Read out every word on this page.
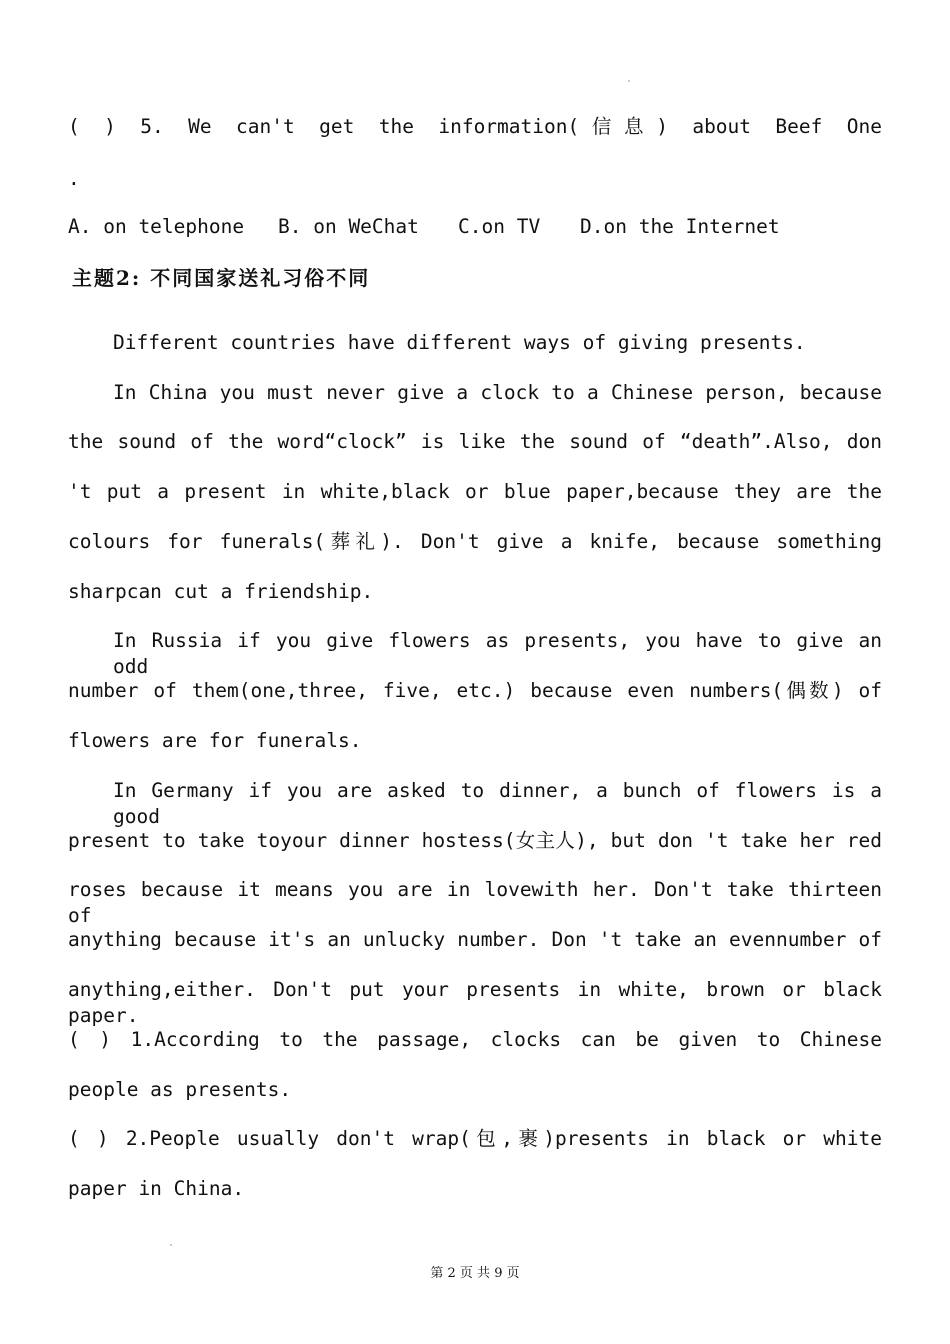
( ) 5. We can't get the information(信息) about Beef One
.
A. on telephone B. on WeChat C.on TV D.on the Internet
主题2: 不同国家送礼习俗不同
Different countries have different ways of giving presents.
In China you must never give a clock to a Chinese person, because
the sound of the word“clock” is like the sound of “death”.Also, don
't put a present in white,black or blue paper,because they are the
colours for funerals(葬礼). Don't give a knife, because something
sharpcan cut a friendship.
In Russia if you give flowers as presents, you have to give an odd
number of them(one,three, five, etc.) because even numbers(偶数) of
flowers are for funerals.
In Germany if you are asked to dinner, a bunch of flowers is a good
present to take toyour dinner hostess(女主人), but don 't take her red
roses because it means you are in lovewith her. Don't take thirteen of
anything because it's an unlucky number. Don 't take an evennumber of
anything,either. Don't put your presents in white, brown or black paper.
( ) 1.According to the passage, clocks can be given to Chinese
people as presents.
( ) 2.People usually don't wrap(包,裹)presents in black or white
paper in China.
第 2 页 共 9 页
